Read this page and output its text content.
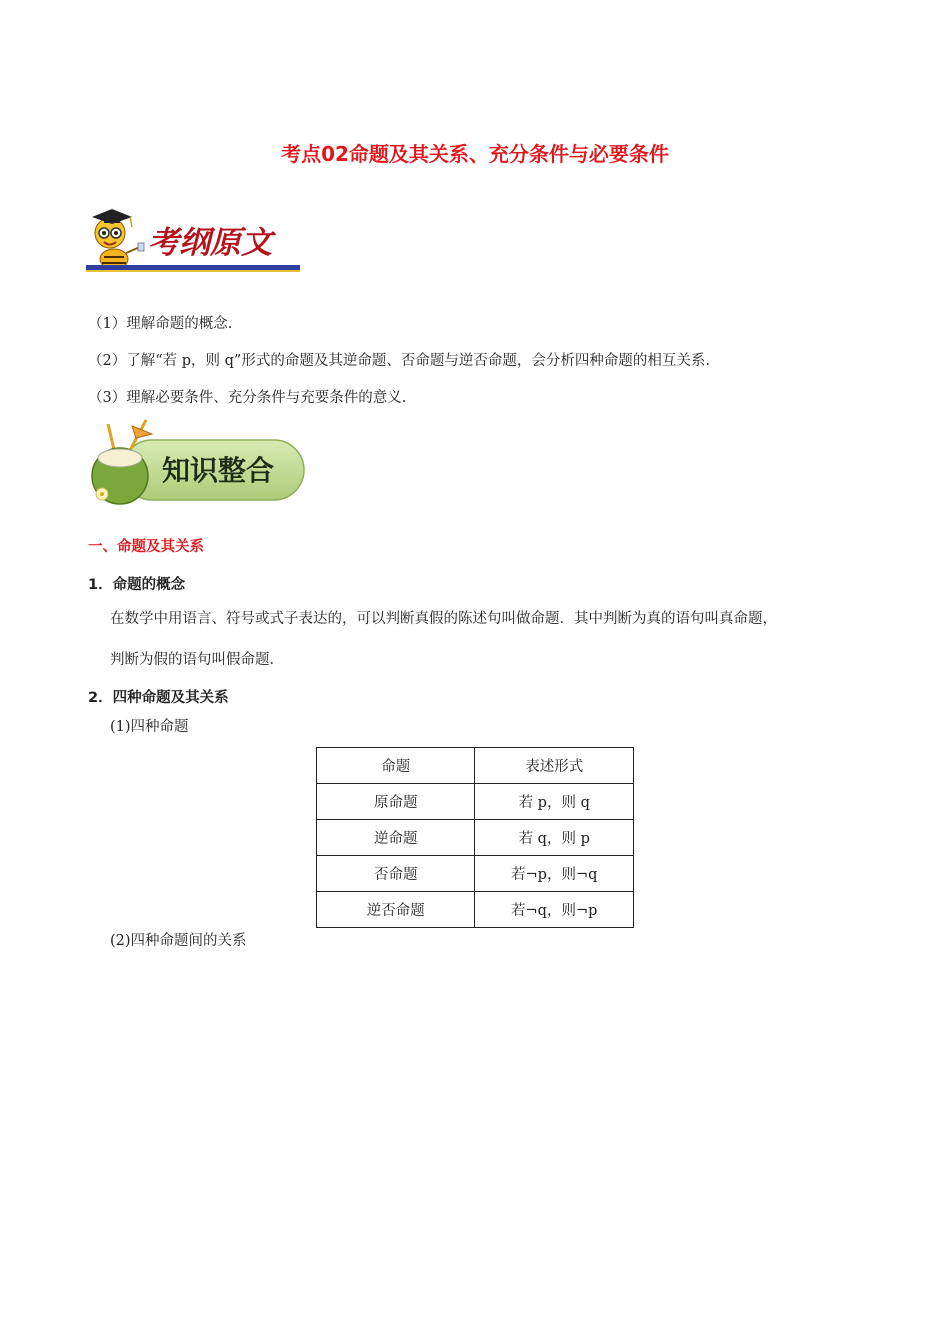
考点02命题及其关系、充分条件与必要条件
考纲原文
（1）理解命题的概念.
（2）了解“若 p，则 q”形式的命题及其逆命题、否命题与逆否命题，会分析四种命题的相互关系.
（3）理解必要条件、充分条件与充要条件的意义.
知识整合
一、命题及其关系
1．命题的概念
在数学中用语言、符号或式子表达的，可以判断真假的陈述句叫做命题．其中判断为真的语句叫真命题，
判断为假的语句叫假命题．
2．四种命题及其关系
(1)四种命题
命题	表述形式
原命题	若 p，则 q
逆命题	若 q，则 p
否命题	若¬p，则¬q
逆否命题	若¬q，则¬p
(2)四种命题间的关系
